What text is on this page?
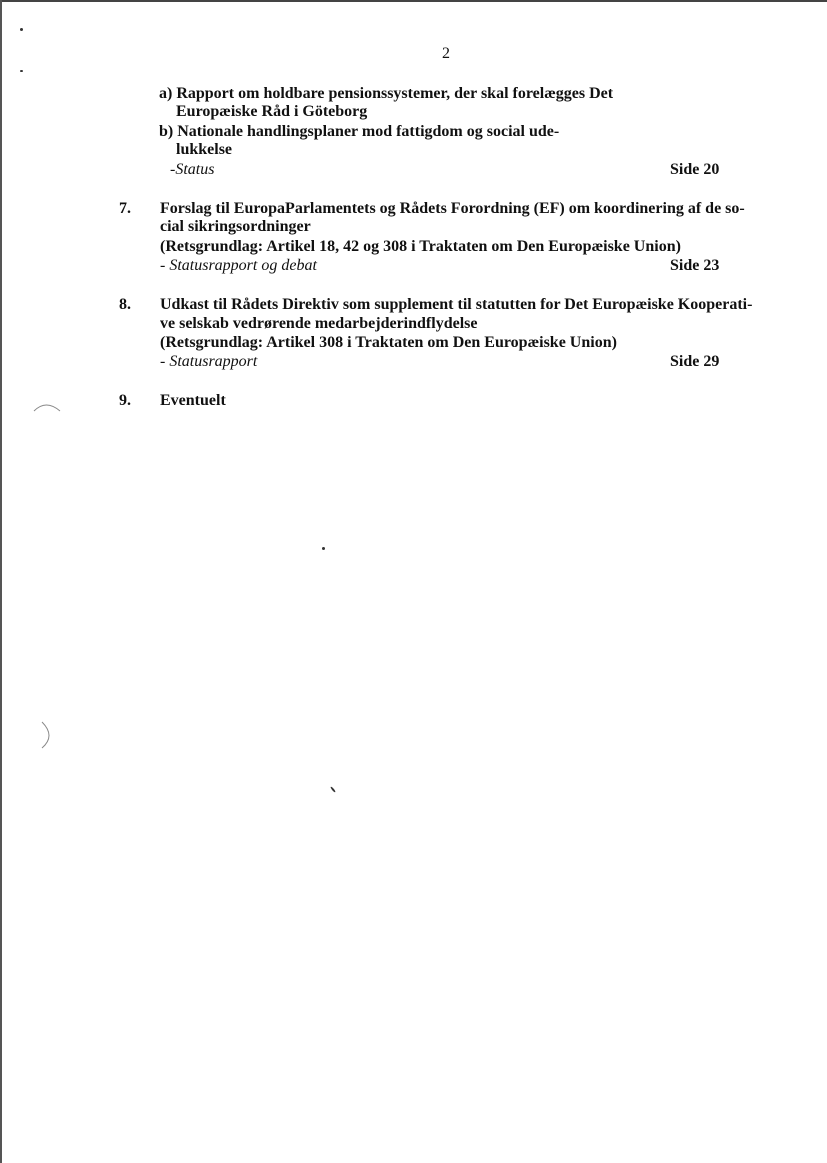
2
a) Rapport om holdbare pensionssystemer, der skal forelægges Det
Europæiske Råd i Göteborg
b) Nationale handlingsplaner mod fattigdom og social ude-
lukkelse
-Status	Side 20
7. Forslag til EuropaParlamentets og Rådets Forordning (EF) om koordinering af de so-
cial sikringsordninger
(Retsgrundlag: Artikel 18, 42 og 308 i Traktaten om Den Europæiske Union)
- Statusrapport og debat	Side 23
8. Udkast til Rådets Direktiv som supplement til statutten for Det Europæiske Kooperati-
ve selskab vedrørende medarbejderindflydelse
(Retsgrundlag: Artikel 308 i Traktaten om Den Europæiske Union)
- Statusrapport	Side 29
9. Eventuelt
